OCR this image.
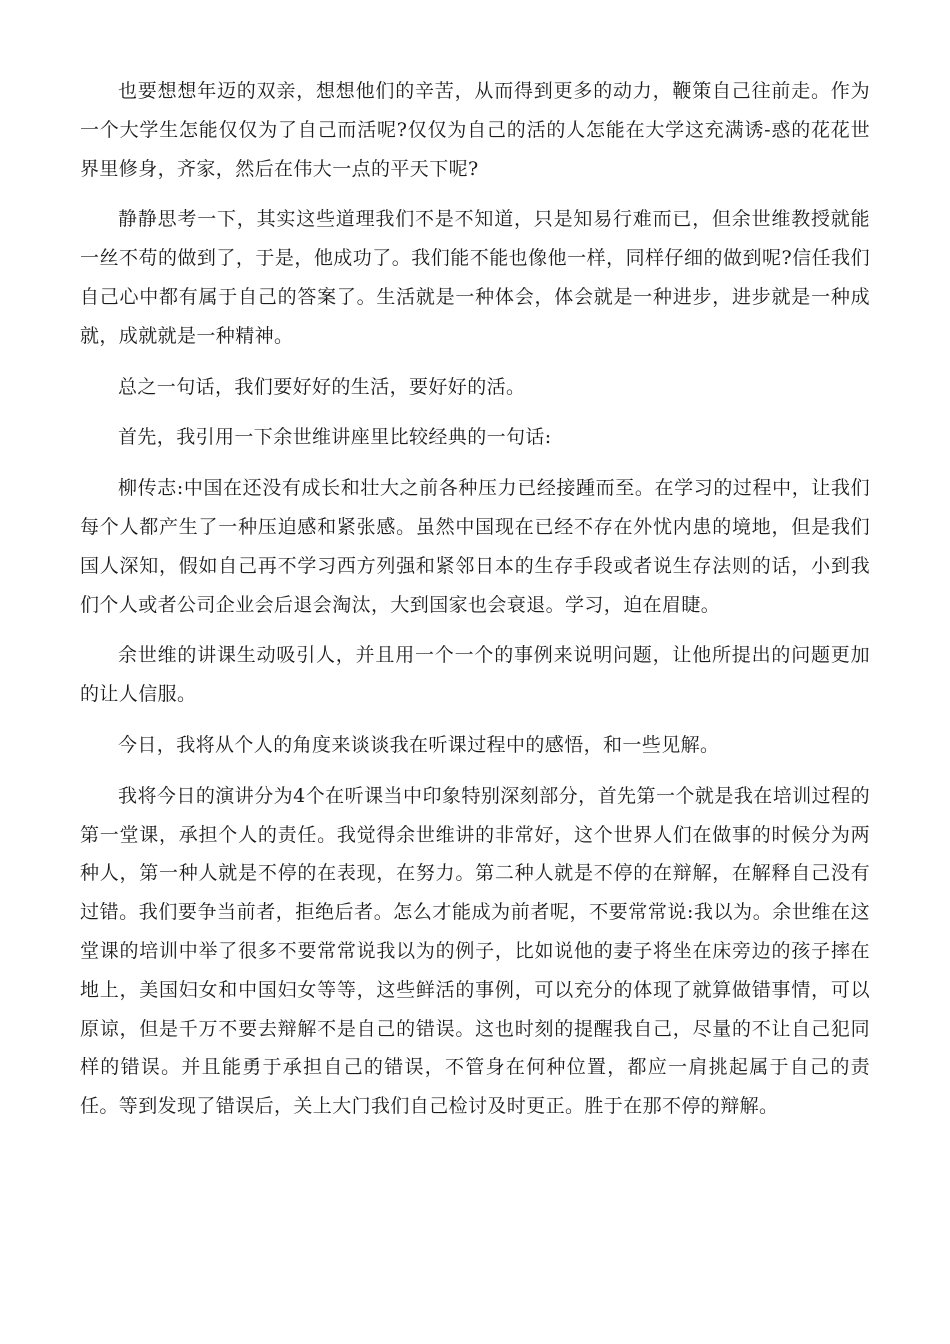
也要想想年迈的双亲，想想他们的辛苦，从而得到更多的动力，鞭策自己往前走。作为一个大学生怎能仅仅为了自己而活呢?仅仅为自己的活的人怎能在大学这充满诱-惑的花花世界里修身，齐家，然后在伟大一点的平天下呢?

静静思考一下，其实这些道理我们不是不知道，只是知易行难而已，但余世维教授就能一丝不苟的做到了，于是，他成功了。我们能不能也像他一样，同样仔细的做到呢?信任我们自己心中都有属于自己的答案了。生活就是一种体会，体会就是一种进步，进步就是一种成就，成就就是一种精神。

总之一句话，我们要好好的生活，要好好的活。

首先，我引用一下余世维讲座里比较经典的一句话:

柳传志:中国在还没有成长和壮大之前各种压力已经接踵而至。在学习的过程中，让我们每个人都产生了一种压迫感和紧张感。虽然中国现在已经不存在外忧内患的境地，但是我们国人深知，假如自己再不学习西方列强和紧邻日本的生存手段或者说生存法则的话，小到我们个人或者公司企业会后退会淘汰，大到国家也会衰退。学习，迫在眉睫。

余世维的讲课生动吸引人，并且用一个一个的事例来说明问题，让他所提出的问题更加的让人信服。

今日，我将从个人的角度来谈谈我在听课过程中的感悟，和一些见解。

我将今日的演讲分为4个在听课当中印象特别深刻部分，首先第一个就是我在培训过程的第一堂课，承担个人的责任。我觉得余世维讲的非常好，这个世界人们在做事的时候分为两种人，第一种人就是不停的在表现，在努力。第二种人就是不停的在辩解，在解释自己没有过错。我们要争当前者，拒绝后者。怎么才能成为前者呢，不要常常说:我以为。余世维在这堂课的培训中举了很多不要常常说我以为的例子，比如说他的妻子将坐在床旁边的孩子摔在地上，美国妇女和中国妇女等等，这些鲜活的事例，可以充分的体现了就算做错事情，可以原谅，但是千万不要去辩解不是自己的错误。这也时刻的提醒我自己，尽量的不让自己犯同样的错误。并且能勇于承担自己的错误，不管身在何种位置，都应一肩挑起属于自己的责任。等到发现了错误后，关上大门我们自己检讨及时更正。胜于在那不停的辩解。
